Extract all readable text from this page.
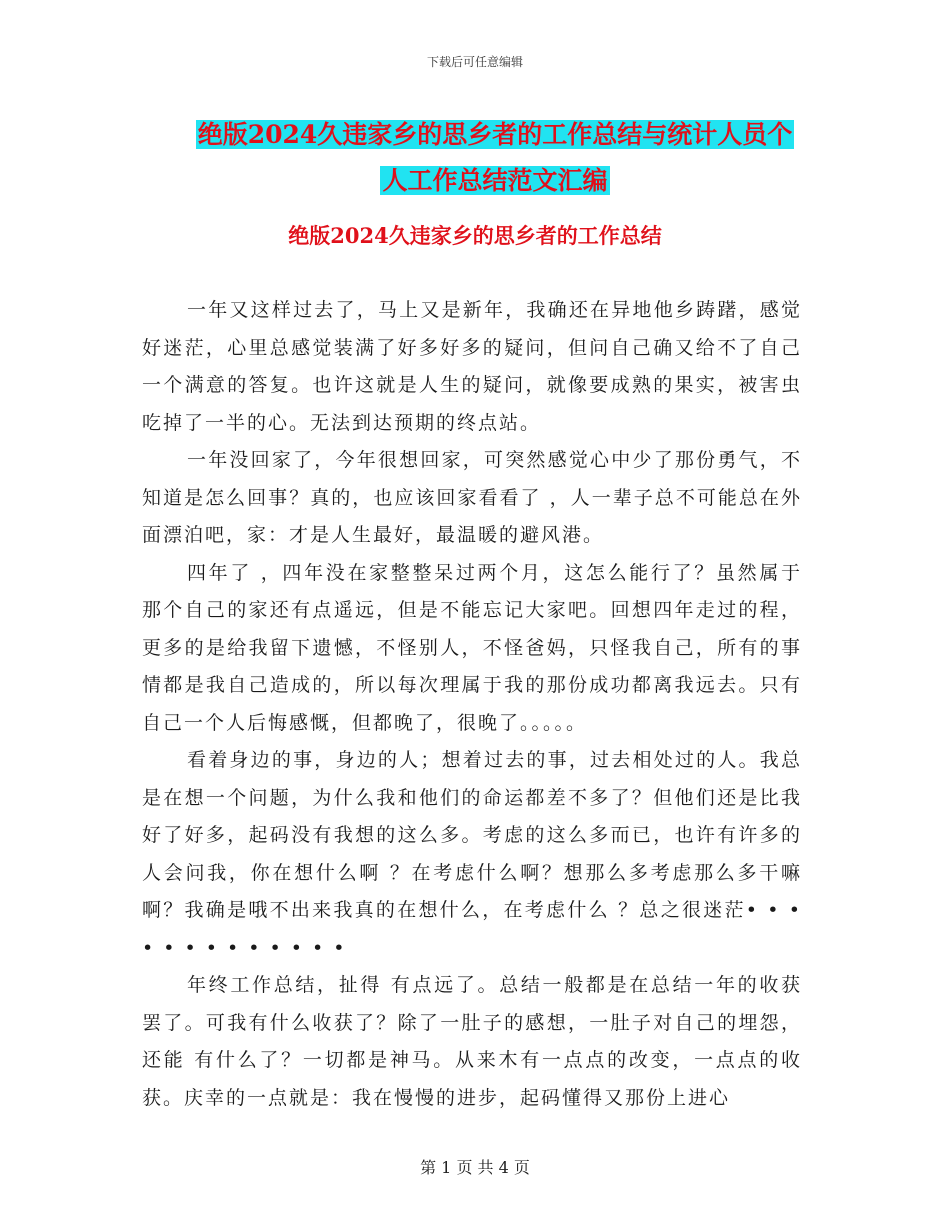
下载后可任意编辑
绝版2024久违家乡的思乡者的工作总结与统计人员个
人工作总结范文汇编
绝版2024久违家乡的思乡者的工作总结

一年又这样过去了，马上又是新年，我确还在异地他乡踌躇，感觉好迷茫，心里总感觉装满了好多好多的疑问，但问自己确又给不了自己一个满意的答复。也许这就是人生的疑问，就像要成熟的果实，被害虫吃掉了一半的心。无法到达预期的终点站。

一年没回家了，今年很想回家，可突然感觉心中少了那份勇气，不知道是怎么回事？真的，也应该回家看看了 ，人一辈子总不可能总在外面漂泊吧，家：才是人生最好，最温暖的避风港。

四年了 ，四年没在家整整呆过两个月，这怎么能行了？虽然属于那个自己的家还有点遥远，但是不能忘记大家吧。回想四年走过的程，更多的是给我留下遗憾，不怪别人，不怪爸妈，只怪我自己，所有的事情都是我自己造成的，所以每次理属于我的那份成功都离我远去。只有自己一个人后悔感慨，但都晚了，很晚了。。。。。

看着身边的事，身边的人；想着过去的事，过去相处过的人。我总是在想一个问题，为什么我和他们的命运都差不多了？但他们还是比我好了好多，起码没有我想的这么多。考虑的这么多而已，也许有许多的人会问我，你在想什么啊 ？在考虑什么啊？想那么多考虑那么多干嘛啊？我确是哦不出来我真的在想什么，在考虑什么 ？总之很迷茫• • • • • • • • • • • • •

年终工作总结，扯得 有点远了。总结一般都是在总结一年的收获罢了。可我有什么收获了？除了一肚子的感想，一肚子对自己的埋怨，还能 有什么了？一切都是神马。从来木有一点点的改变，一点点的收获。庆幸的一点就是：我在慢慢的进步，起码懂得又那份上进心

第 1 页 共 4 页
